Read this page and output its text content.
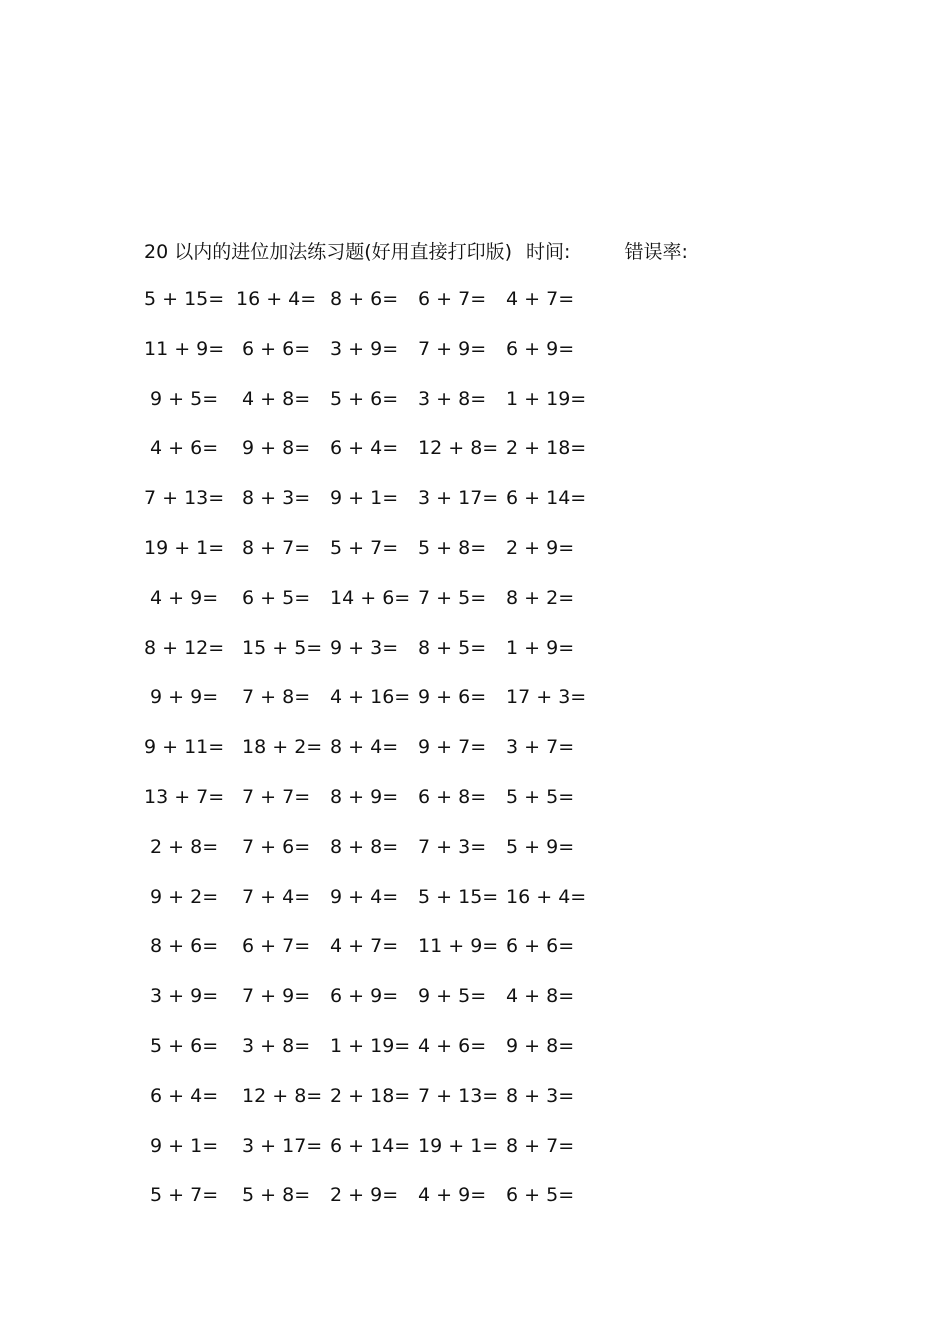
20 以内的进位加法练习题(好用直接打印版) 时间:	错误率:
5 + 15= 16 + 4= 8 + 6= 6 + 7= 4 + 7=
11 + 9= 6 + 6= 3 + 9= 7 + 9= 6 + 9=
9 + 5= 4 + 8= 5 + 6= 3 + 8= 1 + 19=
4 + 6= 9 + 8= 6 + 4= 12 + 8= 2 + 18=
7 + 13= 8 + 3= 9 + 1= 3 + 17= 6 + 14=
19 + 1= 8 + 7= 5 + 7= 5 + 8= 2 + 9=
4 + 9= 6 + 5= 14 + 6= 7 + 5= 8 + 2=
8 + 12= 15 + 5= 9 + 3= 8 + 5= 1 + 9=
9 + 9= 7 + 8= 4 + 16= 9 + 6= 17 + 3=
9 + 11= 18 + 2= 8 + 4= 9 + 7= 3 + 7=
13 + 7= 7 + 7= 8 + 9= 6 + 8= 5 + 5=
2 + 8= 7 + 6= 8 + 8= 7 + 3= 5 + 9=
9 + 2= 7 + 4= 9 + 4= 5 + 15= 16 + 4=
8 + 6= 6 + 7= 4 + 7= 11 + 9= 6 + 6=
3 + 9= 7 + 9= 6 + 9= 9 + 5= 4 + 8=
5 + 6= 3 + 8= 1 + 19= 4 + 6= 9 + 8=
6 + 4= 12 + 8= 2 + 18= 7 + 13= 8 + 3=
9 + 1= 3 + 17= 6 + 14= 19 + 1= 8 + 7=
5 + 7= 5 + 8= 2 + 9= 4 + 9= 6 + 5=
